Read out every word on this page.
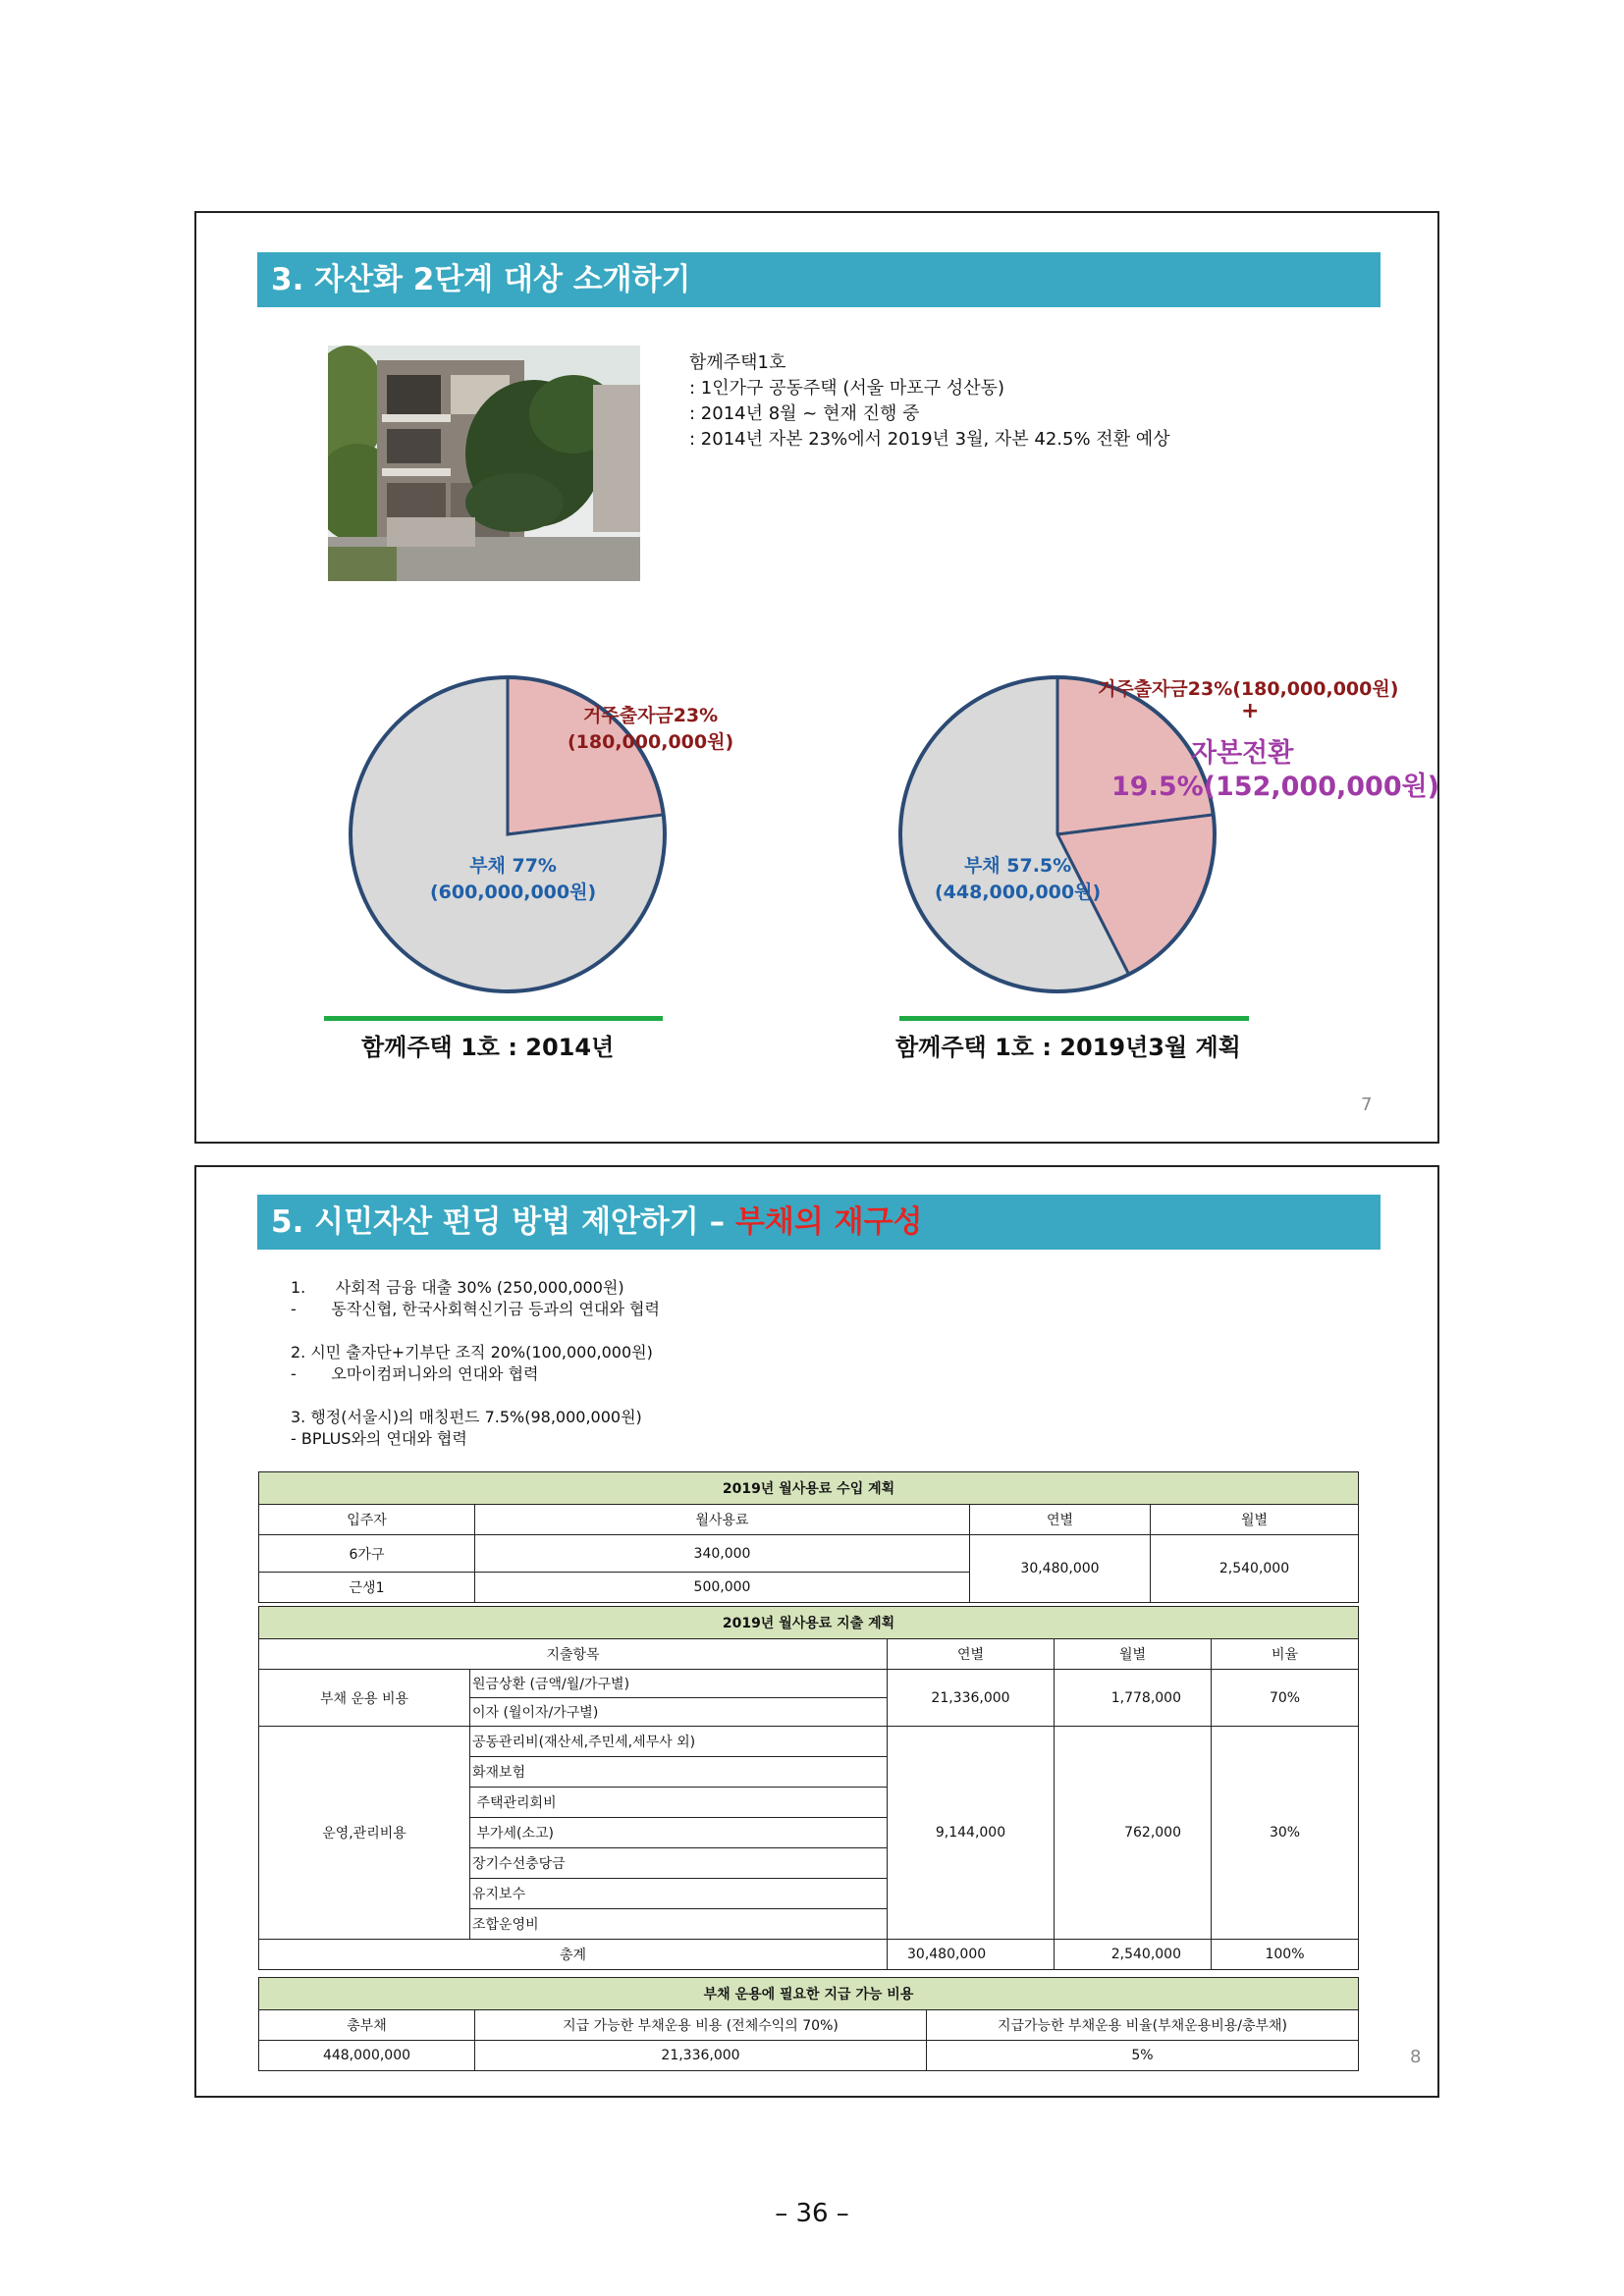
3. 자산화 2단계 대상 소개하기
함께주택1호
: 1인가구 공동주택 (서울 마포구 성산동)
: 2014년 8월 ~ 현재 진행 중
: 2014년 자본 23%에서 2019년 3월, 자본 42.5% 전환 예상
거주출자금23%
(180,000,000원)
부채 77%
(600,000,000원)
함께주택 1호 : 2014년
거주출자금23%(180,000,000원)
+
자본전환
19.5%(152,000,000원)
부채 57.5%
(448,000,000원)
함께주택 1호 : 2019년3월 계획
7
5. 시민자산 펀딩 방법 제안하기 – 부채의 재구성

1.      사회적 금융 대출 30% (250,000,000원)

-       동작신협, 한국사회혁신기금 등과의 연대와 협력

2. 시민 출자단+기부단 조직 20%(100,000,000원)

-       오마이컴퍼니와의 연대와 협력

3. 행정(서울시)의 매칭펀드 7.5%(98,000,000원)

- BPLUS와의 연대와 협력

2019년 월사용료 수입 계획			
입주자	월사용료	연별	월별
6가구	340,000	30,480,000	2,540,000
근생1	500,000		
2019년 월사용료 지출 계획				
지출항목		연별	월별	비율
부채 운용 비용	원금상환 (금액/월/가구별)	21,336,000	1,778,000	70%
	이자 (월이자/가구별)			
운영,관리비용	공동관리비(재산세,주민세,세무사 외)	9,144,000	762,000	30%
	화재보험			
	주택관리회비			
	부가세(소고)			
	장기수선충당금			
	유지보수			
	조합운영비			
총계		30,480,000	2,540,000	100%
부채 운용에 필요한 지급 가능 비용		
총부채	지급 가능한 부채운용 비용 (전체수익의 70%)	지급가능한 부채운용 비율(부채운용비용/총부채)
448,000,000	21,336,000	5%	8
– 36 –
